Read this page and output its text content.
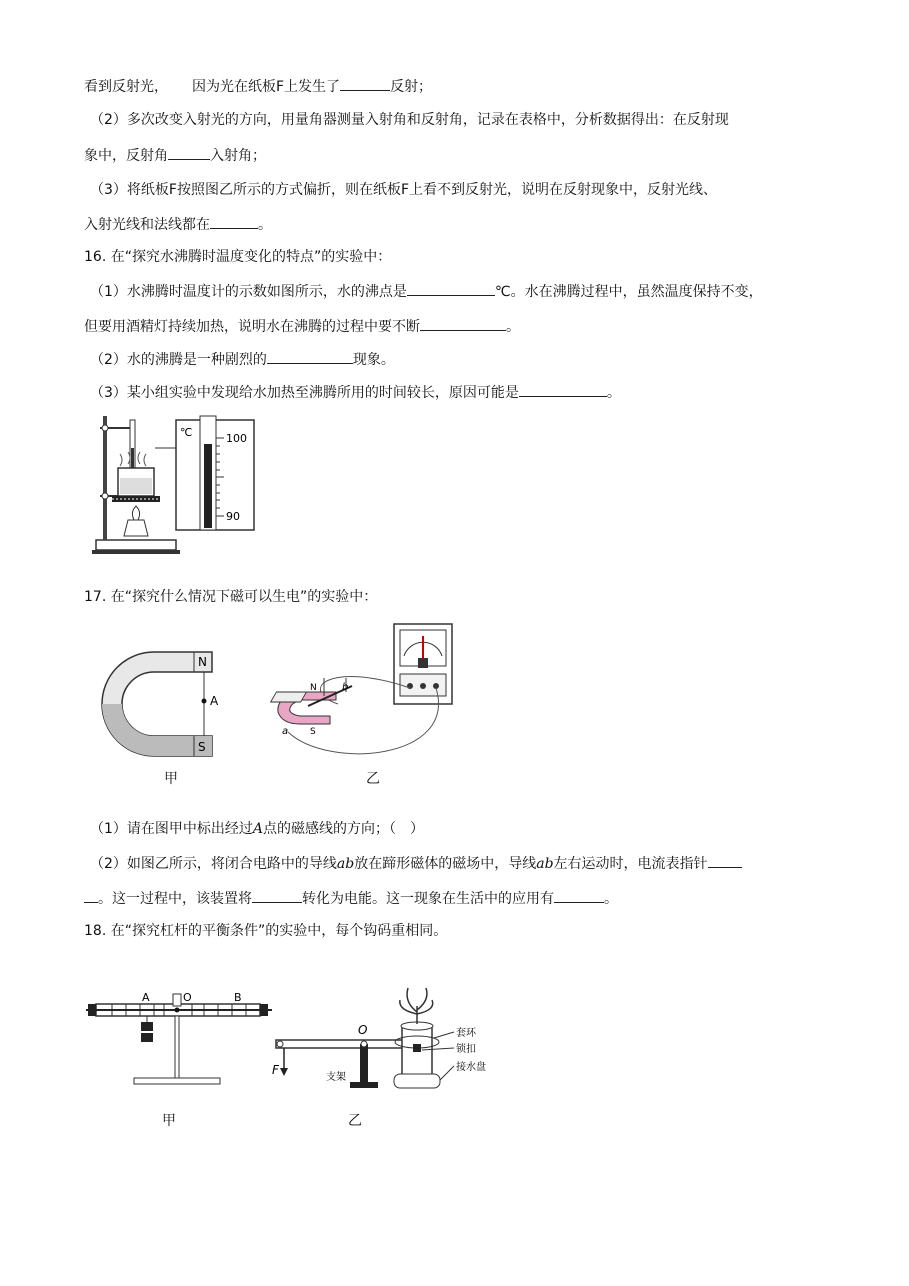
看到反射光， 因为光在纸板F上发生了	反射；
（2）多次改变入射光的方向，用量角器测量入射角和反射角，记录在表格中，分析数据得出：在反射现
象中，反射角	入射角；
（3）将纸板F按照图乙所示的方式偏折，则在纸板F上看不到反射光，说明在反射现象中，反射光线、
入射光线和法线都在	。
16. 在“探究水沸腾时温度变化的特点”的实验中：
（1）水沸腾时温度计的示数如图所示，水的沸点是	℃。水在沸腾过程中，虽然温度保持不变，
但要用酒精灯持续加热，说明水在沸腾的过程中要不断	。
（2）水的沸腾是一种剧烈的	现象。
（3）某小组实验中发现给水加热至沸腾所用的时间较长，原因可能是	。
℃	100
90
17. 在“探究什么情况下磁可以生电”的实验中：
N
S
A
甲
N
S
a
b
乙
（1）请在图甲中标出经过A点的磁感线的方向；（　）
（2）如图乙所示，将闭合电路中的导线ab放在蹄形磁体的磁场中，导线ab左右运动时，电流表指针
。这一过程中，该装置将	转化为电能。这一现象在生活中的应用有	。
18. 在“探究杠杆的平衡条件”的实验中，每个钩码重相同。
A	O	B
甲
O
F
支架
套环
锁扣
接水盘
乙
